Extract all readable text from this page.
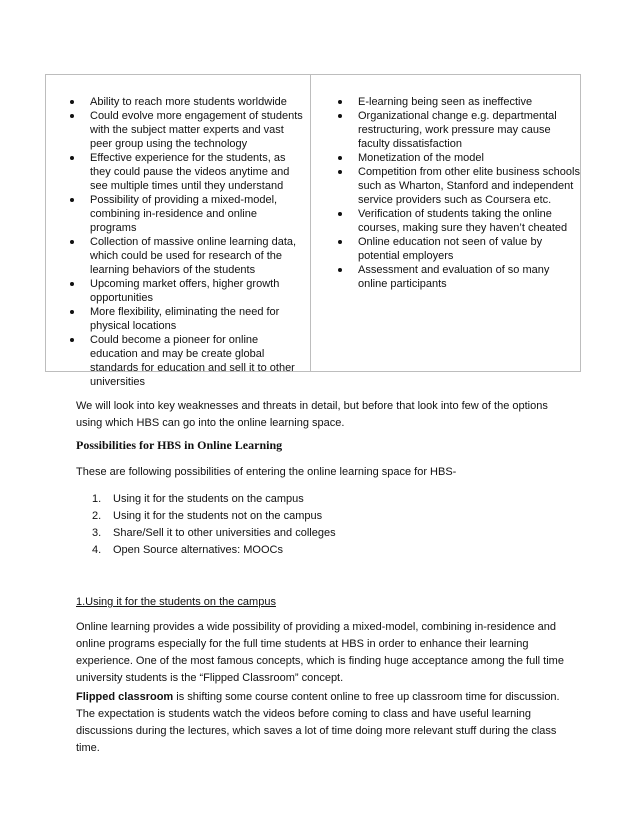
Ability to reach more students worldwide
Could evolve more engagement of students with the subject matter experts and vast peer group using the technology
Effective experience for the students, as they could pause the videos anytime and see multiple times until they understand
Possibility of providing a mixed-model, combining in-residence and online programs
Collection of massive online learning data, which could be used for research of the learning behaviors of the students
Upcoming market offers, higher growth opportunities
More flexibility, eliminating the need for physical locations
Could become a pioneer for online education and may be create global standards for education and sell it to other universities
E-learning being seen as ineffective
Organizational change e.g. departmental restructuring, work pressure may cause faculty dissatisfaction
Monetization of the model
Competition from other elite business schools such as Wharton, Stanford and independent service providers such as Coursera etc.
Verification of students taking the online courses, making sure they haven’t cheated
Online education not seen of value by potential employers
Assessment and evaluation of so many online participants
We will look into key weaknesses and threats in detail, but before that look into few of the options using which HBS can go into the online learning space.
Possibilities for HBS in Online Learning
These are following possibilities of entering the online learning space for HBS-
1. Using it for the students on the campus
2. Using it for the students not on the campus
3. Share/Sell it to other universities and colleges
4. Open Source alternatives: MOOCs
1.Using it for the students on the campus
Online learning provides a wide possibility of providing a mixed-model, combining in-residence and online programs especially for the full time students at HBS in order to enhance their learning experience. One of the most famous concepts, which is finding huge acceptance among the full time university students is the “Flipped Classroom” concept.
Flipped classroom is shifting some course content online to free up classroom time for discussion. The expectation is students watch the videos before coming to class and have useful learning discussions during the lectures, which saves a lot of time doing more relevant stuff during the class time.
